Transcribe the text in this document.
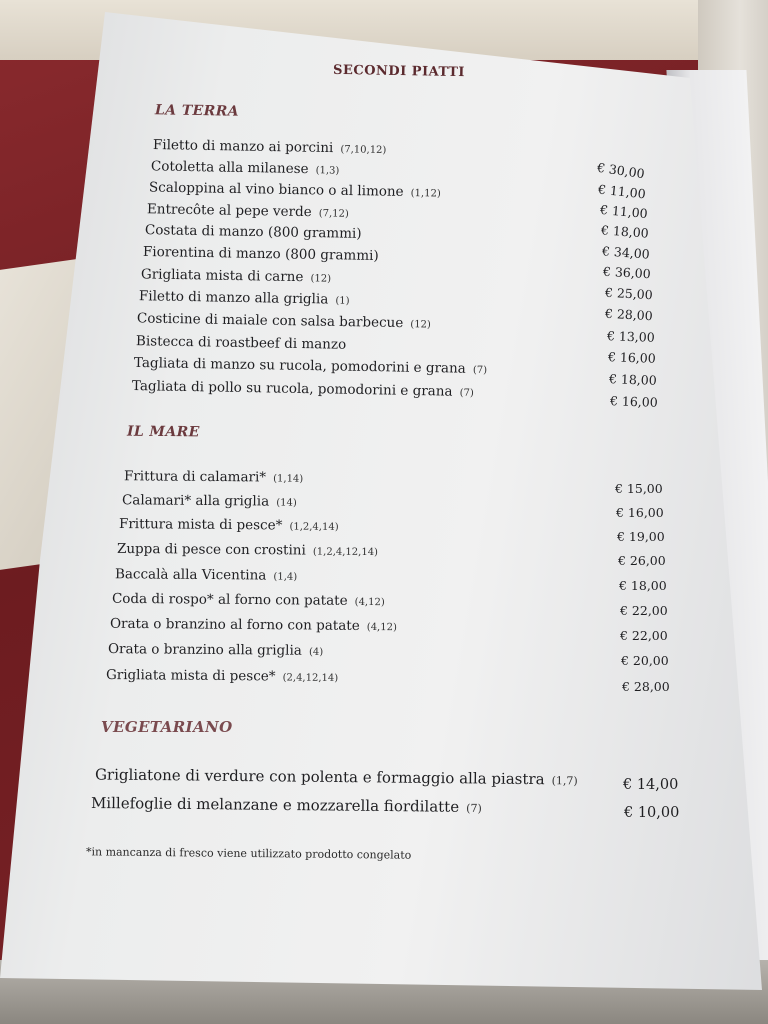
SECONDI PIATTI
LA TERRA
Filetto di manzo ai porcini (7,10,12)
Cotoletta alla milanese (1,3)
Scaloppina al vino bianco o al limone (1,12)
Entrecôte al pepe verde (7,12)
Costata di manzo (800 grammi)
Fiorentina di manzo (800 grammi)
Grigliata mista di carne (12)
Filetto di manzo alla griglia (1)
Costicine di maiale con salsa barbecue (12)
Bistecca di roastbeef di manzo
Tagliata di manzo su rucola, pomodorini e grana (7)
Tagliata di pollo su rucola, pomodorini e grana (7)
€ 30,00
€ 11,00
€ 11,00
€ 18,00
€ 34,00
€ 36,00
€ 25,00
€ 28,00
€ 13,00
€ 16,00
€ 18,00
€ 16,00
IL MARE
Frittura di calamari* (1,14)
Calamari* alla griglia (14)
Frittura mista di pesce* (1,2,4,14)
Zuppa di pesce con crostini (1,2,4,12,14)
Baccalà alla Vicentina (1,4)
Coda di rospo* al forno con patate (4,12)
Orata o branzino al forno con patate (4,12)
Orata o branzino alla griglia (4)
Grigliata mista di pesce* (2,4,12,14)
€ 15,00
€ 16,00
€ 19,00
€ 26,00
€ 18,00
€ 22,00
€ 22,00
€ 20,00
€ 28,00
VEGETARIANO
Grigliatone di verdure con polenta e formaggio alla piastra (1,7)
Millefoglie di melanzane e mozzarella fiordilatte (7)
€ 14,00
€ 10,00
*in mancanza di fresco viene utilizzato prodotto congelato
